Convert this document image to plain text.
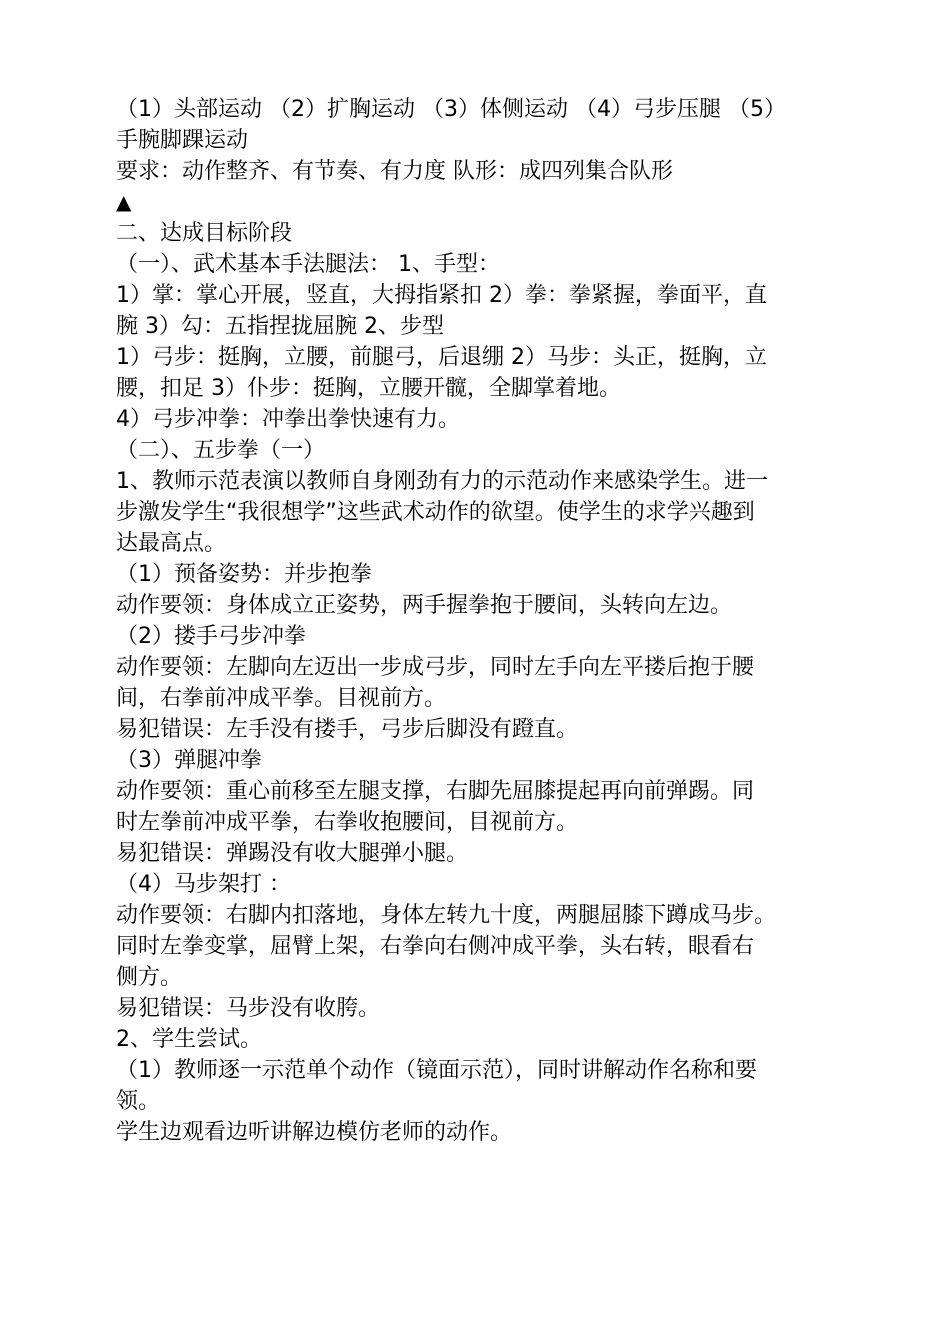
（1）头部运动 （2）扩胸运动 （3）体侧运动 （4）弓步压腿 （5）
手腕脚踝运动
要求：动作整齐、有节奏、有力度 队形：成四列集合队形
▲
二、达成目标阶段
（一）、武术基本手法腿法： 1、手型：
1）掌：掌心开展，竖直，大拇指紧扣 2）拳：拳紧握，拳面平，直
腕 3）勾：五指捏拢屈腕 2、步型
1）弓步：挺胸，立腰，前腿弓，后退绷 2）马步：头正，挺胸，立
腰，扣足 3）仆步：挺胸，立腰开髋，全脚掌着地。
4）弓步冲拳：冲拳出拳快速有力。
（二）、五步拳（一）
1、教师示范表演以教师自身刚劲有力的示范动作来感染学生。进一
步激发学生“我很想学”这些武术动作的欲望。使学生的求学兴趣到
达最高点。
（1）预备姿势：并步抱拳
动作要领：身体成立正姿势，两手握拳抱于腰间，头转向左边。
（2）搂手弓步冲拳
动作要领：左脚向左迈出一步成弓步，同时左手向左平搂后抱于腰
间，右拳前冲成平拳。目视前方。
易犯错误：左手没有搂手，弓步后脚没有蹬直。
（3）弹腿冲拳
动作要领：重心前移至左腿支撑，右脚先屈膝提起再向前弹踢。同
时左拳前冲成平拳，右拳收抱腰间，目视前方。
易犯错误：弹踢没有收大腿弹小腿。
（4）马步架打 ：
动作要领：右脚内扣落地，身体左转九十度，两腿屈膝下蹲成马步。
同时左拳变掌，屈臂上架，右拳向右侧冲成平拳，头右转，眼看右
侧方。
易犯错误：马步没有收胯。
2、学生尝试。
（1）教师逐一示范单个动作（镜面示范），同时讲解动作名称和要
领。
学生边观看边听讲解边模仿老师的动作。
